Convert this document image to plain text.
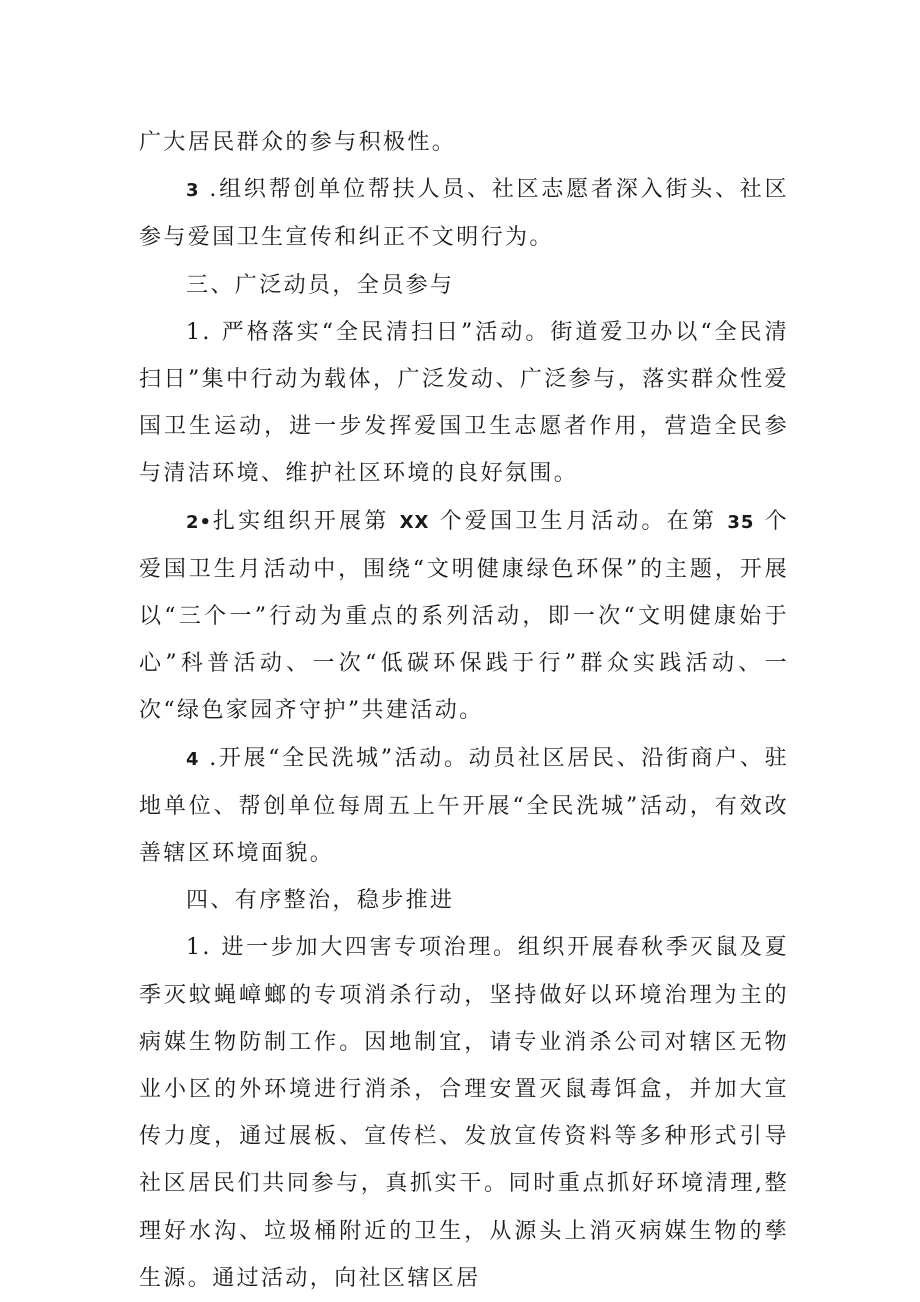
广大居民群众的参与积极性。

3 .组织帮创单位帮扶人员、社区志愿者深入街头、社区参与爱国卫生宣传和纠正不文明行为。

三、广泛动员，全员参与

1. 严格落实“全民清扫日”活动。街道爱卫办以“全民清扫日”集中行动为载体，广泛发动、广泛参与，落实群众性爱国卫生运动，进一步发挥爱国卫生志愿者作用，营造全民参与清洁环境、维护社区环境的良好氛围。

2•扎实组织开展第 XX 个爱国卫生月活动。在第 35 个爱国卫生月活动中，围绕“文明健康绿色环保”的主题，开展以“三个一”行动为重点的系列活动，即一次“文明健康始于心”科普活动、一次“低碳环保践于行”群众实践活动、一次“绿色家园齐守护”共建活动。

4 .开展“全民洗城”活动。动员社区居民、沿街商户、驻地单位、帮创单位每周五上午开展“全民洗城”活动，有效改善辖区环境面貌。

四、有序整治，稳步推进

1. 进一步加大四害专项治理。组织开展春秋季灭鼠及夏季灭蚊蝇嶂螂的专项消杀行动，坚持做好以环境治理为主的病媒生物防制工作。因地制宜，请专业消杀公司对辖区无物业小区的外环境进行消杀，合理安置灭鼠毒饵盒，并加大宣传力度，通过展板、宣传栏、发放宣传资料等多种形式引导社区居民们共同参与，真抓实干。同时重点抓好环境清理,整理好水沟、垃圾桶附近的卫生，从源头上消灭病媒生物的孳生源。通过活动，向社区辖区居
